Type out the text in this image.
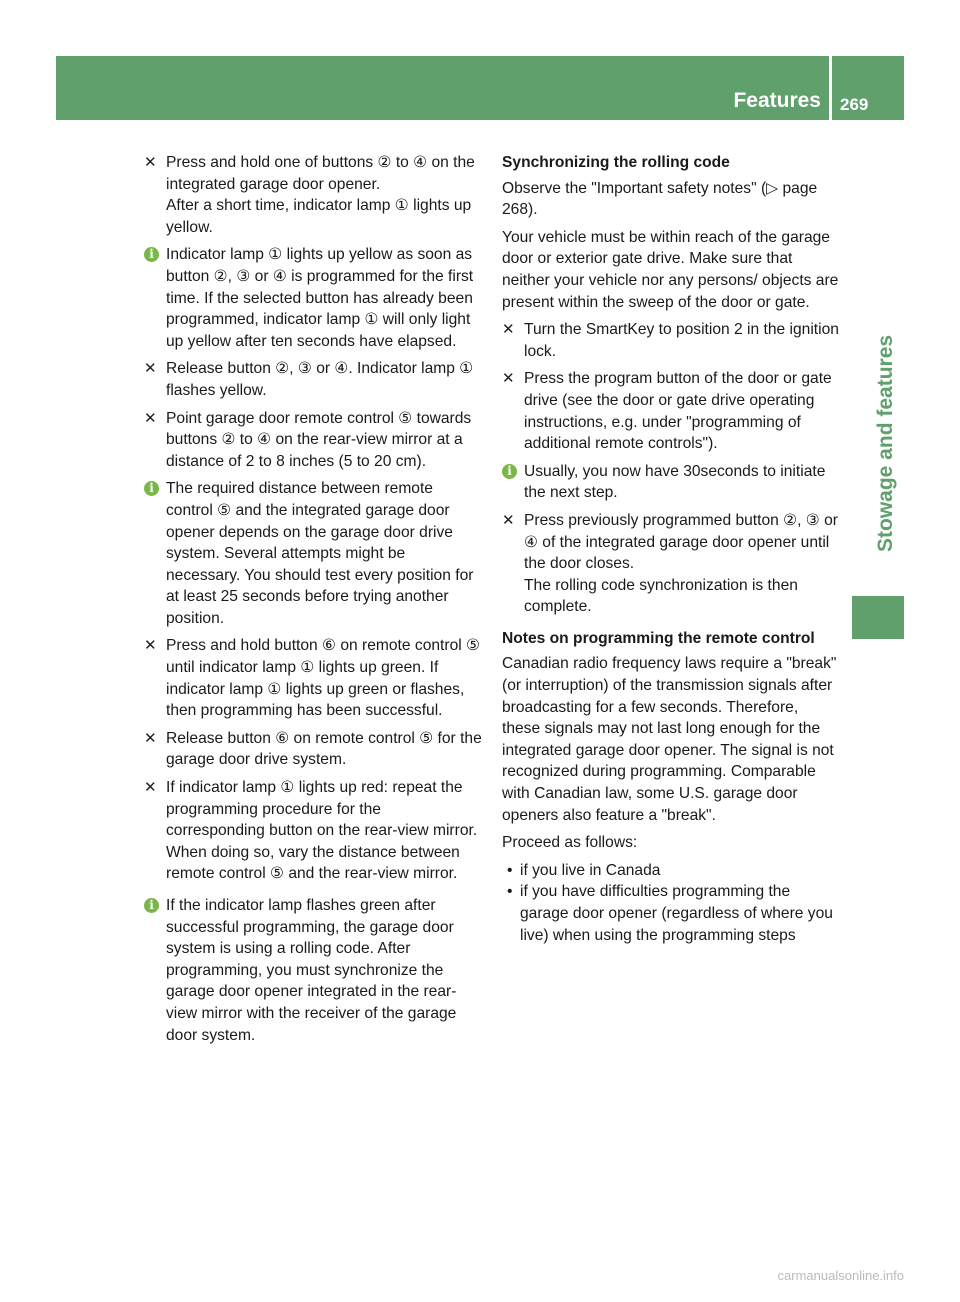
Features 269
Stowage and features
✕ Press and hold one of buttons ② to ④ on the integrated garage door opener.
After a short time, indicator lamp ① lights up yellow.
i Indicator lamp ① lights up yellow as soon as button ②, ③ or ④ is programmed for the first time. If the selected button has already been programmed, indicator lamp ① will only light up yellow after ten seconds have elapsed.
✕ Release button ②, ③ or ④. Indicator lamp ① flashes yellow.
✕ Point garage door remote control ⑤ towards buttons ② to ④ on the rear-view mirror at a distance of 2 to 8 inches (5 to 20 cm).
i The required distance between remote control ⑤ and the integrated garage door opener depends on the garage door drive system. Several attempts might be necessary. You should test every position for at least 25 seconds before trying another position.
✕ Press and hold button ⑥ on remote control ⑤ until indicator lamp ① lights up green. If indicator lamp ① lights up green or flashes, then programming has been successful.
✕ Release button ⑥ on remote control ⑤ for the garage door drive system.
✕ If indicator lamp ① lights up red: repeat the programming procedure for the corresponding button on the rear-view mirror. When doing so, vary the distance between remote control ⑤ and the rear-view mirror.
i If the indicator lamp flashes green after successful programming, the garage door system is using a rolling code. After programming, you must synchronize the garage door opener integrated in the rear-view mirror with the receiver of the garage door system.
Synchronizing the rolling code
Observe the "Important safety notes" (▷ page 268).
Your vehicle must be within reach of the garage door or exterior gate drive. Make sure that neither your vehicle nor any persons/ objects are present within the sweep of the door or gate.
✕ Turn the SmartKey to position 2 in the ignition lock.
✕ Press the program button of the door or gate drive (see the door or gate drive operating instructions, e.g. under "programming of additional remote controls").
i Usually, you now have 30seconds to initiate the next step.
✕ Press previously programmed button ②, ③ or ④ of the integrated garage door opener until the door closes.
The rolling code synchronization is then complete.
Notes on programming the remote control
Canadian radio frequency laws require a "break" (or interruption) of the transmission signals after broadcasting for a few seconds. Therefore, these signals may not last long enough for the integrated garage door opener. The signal is not recognized during programming. Comparable with Canadian law, some U.S. garage door openers also feature a "break".
Proceed as follows:
• if you live in Canada
• if you have difficulties programming the garage door opener (regardless of where you live) when using the programming steps
carmanualsonline.info
